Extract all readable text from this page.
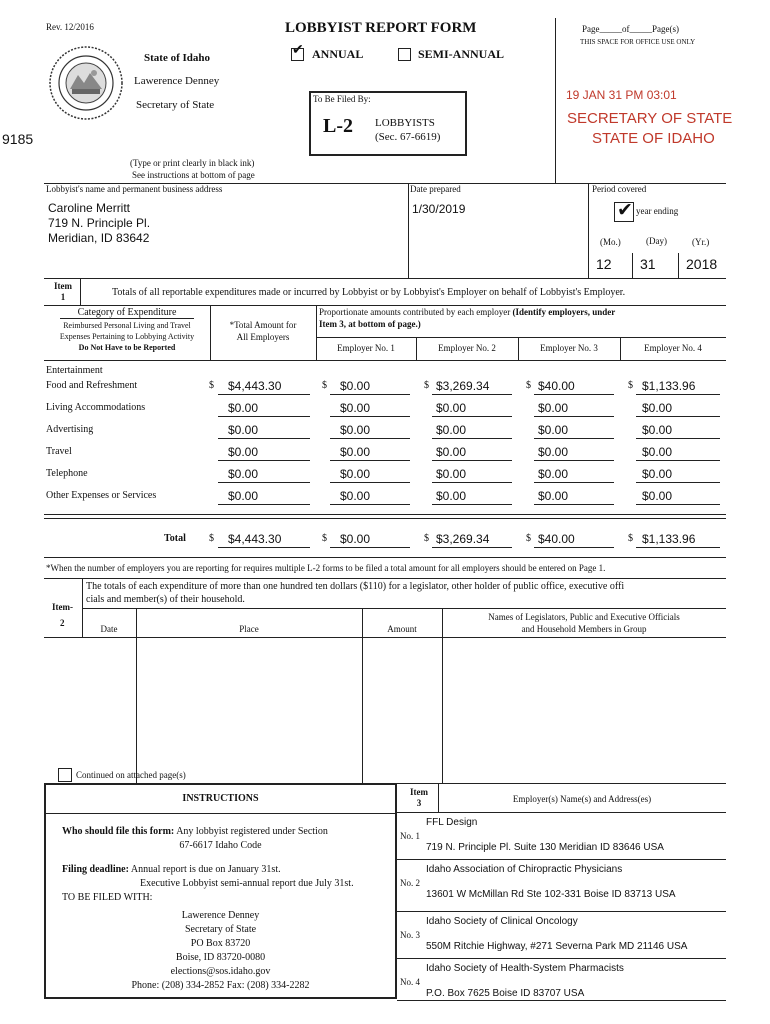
Rev. 12/2016	LOBBYIST REPORT FORM
✔ ANNUAL	SEMI-ANNUAL
Page_____of_____Page(s)
THIS SPACE FOR OFFICE USE ONLY
State of Idaho
Lawerence Denney
Secretary of State
9185
To Be Filed By:
L-2 LOBBYISTS
(Sec. 67-6619)
19 JAN 31 PM 03:01
SECRETARY OF STATE
STATE OF IDAHO
(Type or print clearly in black ink)
See instructions at bottom of page
Lobbyist's name and permanent business address
Caroline Merritt
719 N. Principle Pl.
Meridian, ID 83642
Date prepared
1/30/2019
Period covered
✔ year ending
(Mo.)	(Day)	(Yr.)
12 31 2018
Item
1	Totals of all reportable expenditures made or incurred by Lobbyist or by Lobbyist's Employer on behalf of Lobbyist's Employer.
Category of Expenditure
Reimbursed Personal Living and Travel
Expenses Pertaining to Lobbying Activity
Do Not Have to be Reported
*Total Amount for
All Employers
Proportionate amounts contributed by each employer (Identify employers, under
Item 3, at bottom of page.)
Employer No. 1	Employer No. 2	Employer No. 3	Employer No. 4
Entertainment
Food and Refreshment	$ $4,443.30	$ $0.00	$ $3,269.34	$ $40.00	$ $1,133.96
Living Accommodations	$0.00	$0.00	$0.00	$0.00	$0.00
Advertising	$0.00	$0.00	$0.00	$0.00	$0.00
Travel	$0.00	$0.00	$0.00	$0.00	$0.00
Telephone	$0.00	$0.00	$0.00	$0.00	$0.00
Other Expenses or Services	$0.00	$0.00	$0.00	$0.00	$0.00
Total $ $4,443.30	$ $0.00	$ $3,269.34	$ $40.00	$ $1,133.96
*When the number of employers you are reporting for requires multiple L-2 forms to be filed a total amount for all employers should be entered on Page 1.
Item-
2
The totals of each expenditure of more than one hundred ten dollars ($110) for a legislator, other holder of public office, executive offi
cials and member(s) of their household.
Date	Place	Amount
Names of Legislators, Public and Executive Officials
and Household Members in Group
Continued on attached page(s)
INSTRUCTIONS
Who should file this form: Any lobbyist registered under Section
67-6617 Idaho Code
Filing deadline: Annual report is due on January 31st.
Executive Lobbyist semi-annual report due July 31st.
TO BE FILED WITH:
Lawerence Denney
Secretary of State
PO Box 83720
Boise, ID 83720-0080
elections@sos.idaho.gov
Phone: (208) 334-2852 Fax: (208) 334-2282
Item
3	Employer(s) Name(s) and Address(es)
No. 1
FFL Design
719 N. Principle Pl. Suite 130 Meridian ID 83646 USA
No. 2
Idaho Association of Chiropractic Physicians
13601 W McMillan Rd Ste 102-331 Boise ID 83713 USA
No. 3
Idaho Society of Clinical Oncology
550M Ritchie Highway, #271 Severna Park MD 21146 USA
No. 4
Idaho Society of Health-System Pharmacists
P.O. Box 7625 Boise ID 83707 USA
